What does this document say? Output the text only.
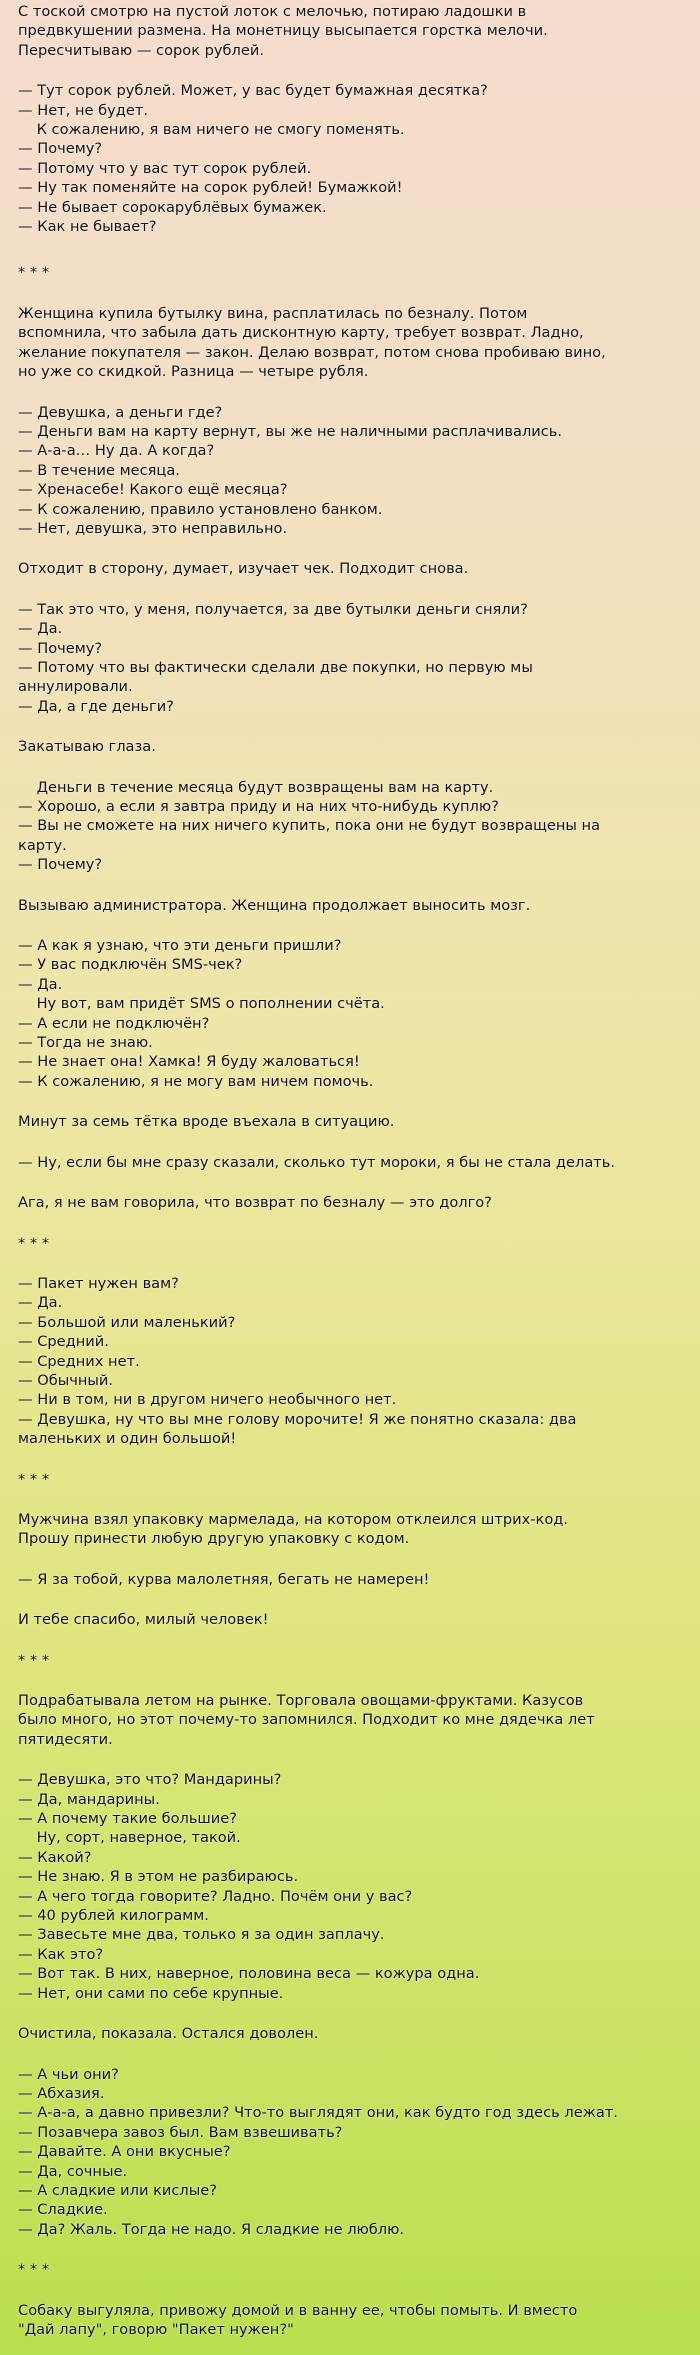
С тоской смотрю на пустой лоток с мелочью, потираю ладошки в
предвкушении размена. На монетницу высыпается горстка мелочи.
Пересчитываю — сорок рублей.
— Тут сорок рублей. Может, у вас будет бумажная десятка?
— Нет, не будет.
К сожалению, я вам ничего не смогу поменять.
— Почему?
— Потому что у вас тут сорок рублей.
— Ну так поменяйте на сорок рублей! Бумажкой!
— Не бывает сорокарублёвых бумажек.
— Как не бывает?
* * *
Женщина купила бутылку вина, расплатилась по безналу. Потом
вспомнила, что забыла дать дисконтную карту, требует возврат. Ладно,
желание покупателя — закон. Делаю возврат, потом снова пробиваю вино,
но уже со скидкой. Разница — четыре рубля.
— Девушка, а деньги где?
— Деньги вам на карту вернут, вы же не наличными расплачивались.
— А-а-а… Ну да. А когда?
— В течение месяца.
— Хренасебе! Какого ещё месяца?
— К сожалению, правило установлено банком.
— Нет, девушка, это неправильно.
Отходит в сторону, думает, изучает чек. Подходит снова.
— Так это что, у меня, получается, за две бутылки деньги сняли?
— Да.
— Почему?
— Потому что вы фактически сделали две покупки, но первую мы
аннулировали.
— Да, а где деньги?
Закатываю глаза.
Деньги в течение месяца будут возвращены вам на карту.
— Хорошо, а если я завтра приду и на них что-нибудь куплю?
— Вы не сможете на них ничего купить, пока они не будут возвращены на
карту.
— Почему?
Вызываю администратора. Женщина продолжает выносить мозг.
— А как я узнаю, что эти деньги пришли?
— У вас подключён SMS-чек?
— Да.
Ну вот, вам придёт SMS о пополнении счёта.
— А если не подключён?
— Тогда не знаю.
— Не знает она! Хамка! Я буду жаловаться!
— К сожалению, я не могу вам ничем помочь.
Минут за семь тётка вроде въехала в ситуацию.
— Ну, если бы мне сразу сказали, сколько тут мороки, я бы не стала делать.
Ага, я не вам говорила, что возврат по безналу — это долго?
* * *
— Пакет нужен вам?
— Да.
— Большой или маленький?
— Средний.
— Средних нет.
— Обычный.
— Ни в том, ни в другом ничего необычного нет.
— Девушка, ну что вы мне голову морочите! Я же понятно сказала: два
маленьких и один большой!
* * *
Мужчина взял упаковку мармелада, на котором отклеился штрих-код.
Прошу принести любую другую упаковку с кодом.
— Я за тобой, курва малолетняя, бегать не намерен!
И тебе спасибо, милый человек!
* * *
Подрабатывала летом на рынке. Торговала овощами-фруктами. Казусов
было много, но этот почему-то запомнился. Подходит ко мне дядечка лет
пятидесяти.
— Девушка, это что? Мандарины?
— Да, мандарины.
— А почему такие большие?
Ну, сорт, наверное, такой.
— Какой?
— Не знаю. Я в этом не разбираюсь.
— А чего тогда говорите? Ладно. Почём они у вас?
— 40 рублей килограмм.
— Завесьте мне два, только я за один заплачу.
— Как это?
— Вот так. В них, наверное, половина веса — кожура одна.
— Нет, они сами по себе крупные.
Очистила, показала. Остался доволен.
— А чьи они?
— Абхазия.
— А-а-а, а давно привезли? Что-то выглядят они, как будто год здесь лежат.
— Позавчера завоз был. Вам взвешивать?
— Давайте. А они вкусные?
— Да, сочные.
— А сладкие или кислые?
— Сладкие.
— Да? Жаль. Тогда не надо. Я сладкие не люблю.
* * *
Собаку выгуляла, привожу домой и в ванну ее, чтобы помыть. И вместо
"Дай лапу", говорю "Пакет нужен?"
